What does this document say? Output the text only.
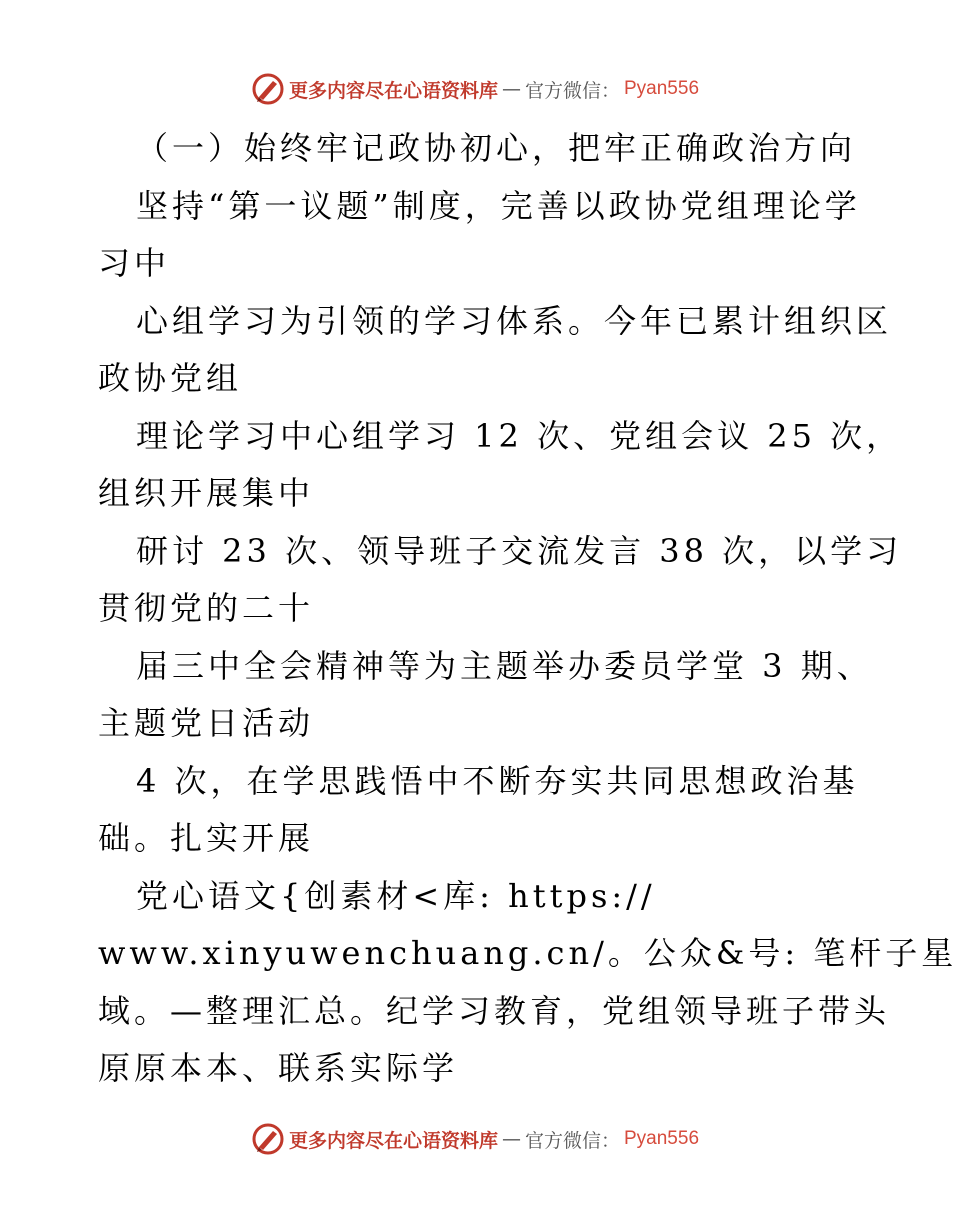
更多内容尽在心语资料库 — 官方微信： Pyan556
（一）始终牢记政协初心，把牢正确政治方向
坚持“第一议题”制度，完善以政协党组理论学
习中
心组学习为引领的学习体系。今年已累计组织区
政协党组
理论学习中心组学习 12 次、党组会议 25 次，
组织开展集中
研讨 23 次、领导班子交流发言 38 次，以学习
贯彻党的二十
届三中全会精神等为主题举办委员学堂 3 期、
主题党日活动
4 次，在学思践悟中不断夯实共同思想政治基
础。扎实开展
党心语文{创素材<库: https://
www.xinyuwenchuang.cn/。公众&号: 笔杆子星
域。—整理汇总。纪学习教育，党组领导班子带头
原原本本、联系实际学
更多内容尽在心语资料库 — 官方微信： Pyan556
